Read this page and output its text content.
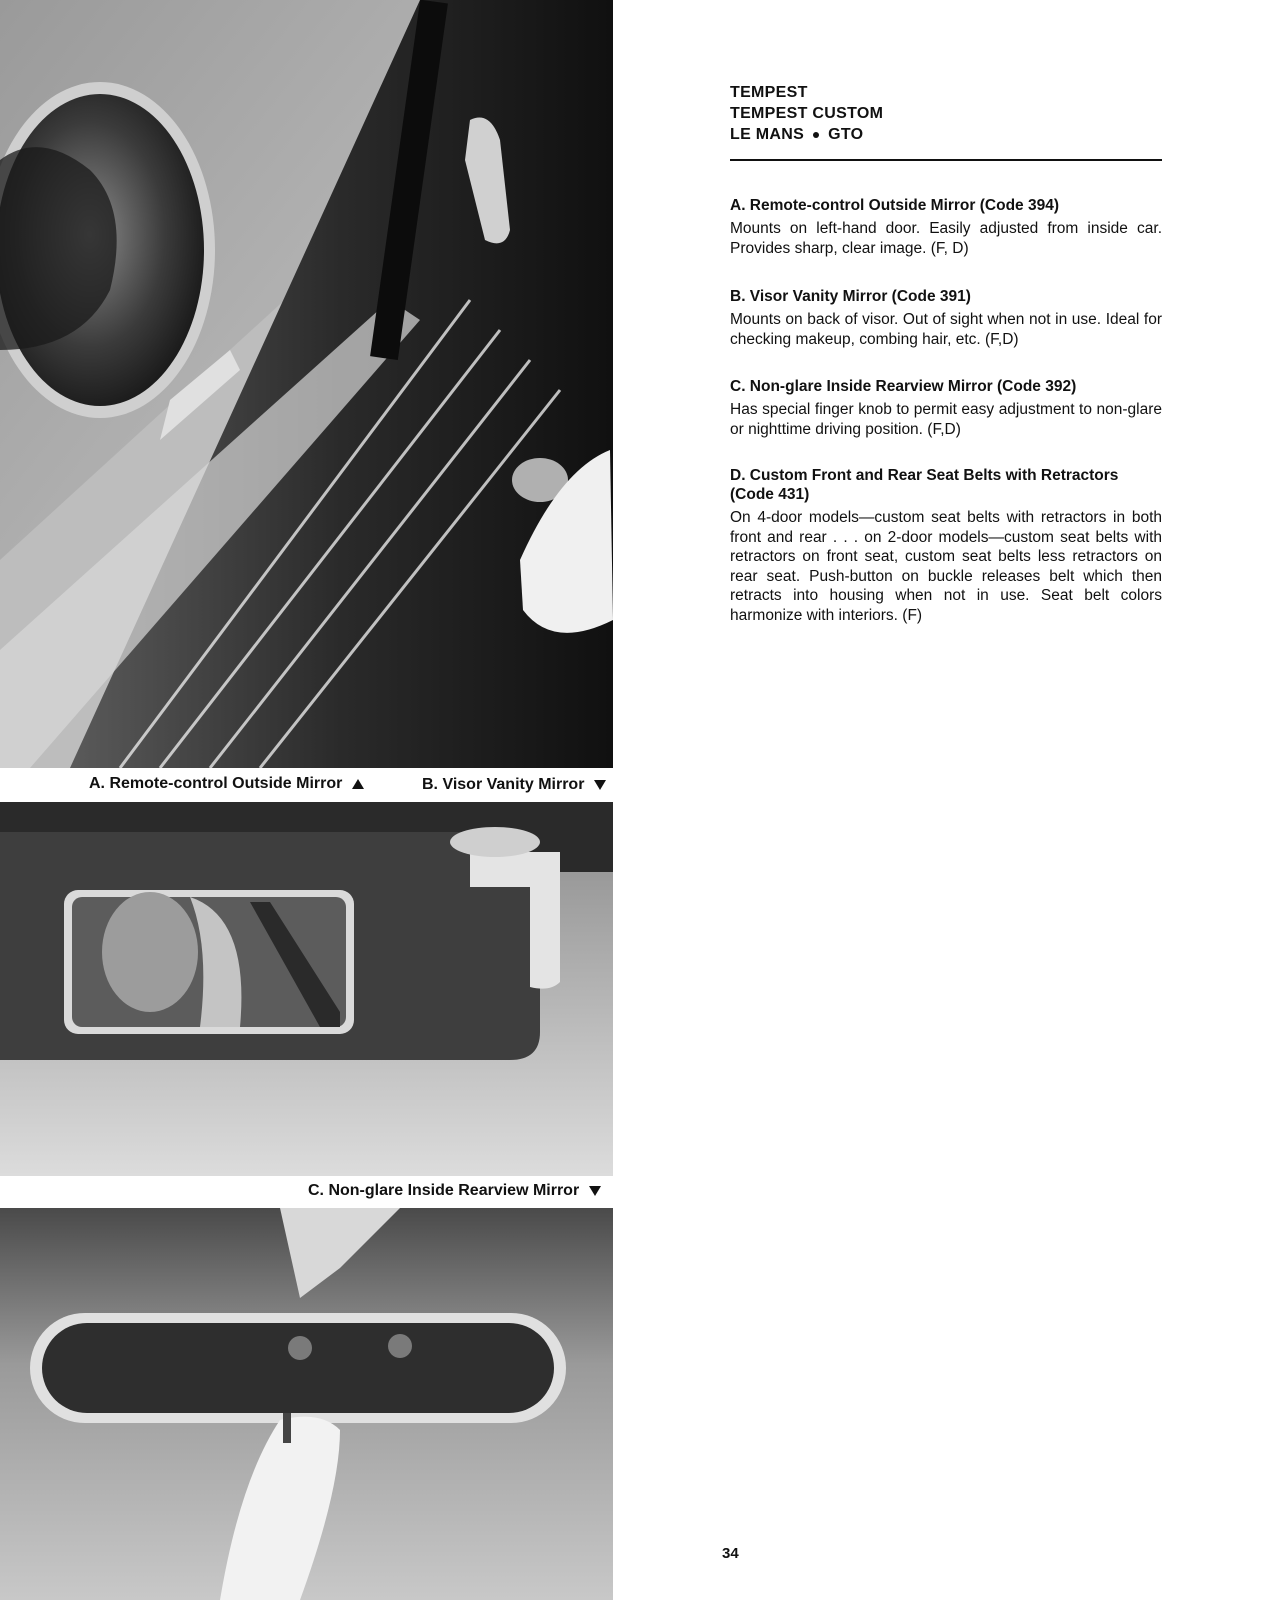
A. Remote-control Outside Mirror	B. Visor Vanity Mirror
C. Non-glare Inside Rearview Mirror
TEMPEST
TEMPEST CUSTOM
LE MANS GTO
A. Remote-control Outside Mirror (Code 394)

Mounts on left-hand door. Easily adjusted from inside car. Provides sharp, clear image. (F, D)

B. Visor Vanity Mirror (Code 391)

Mounts on back of visor. Out of sight when not in use. Ideal for checking makeup, combing hair, etc. (F,D)

C. Non-glare Inside Rearview Mirror (Code 392)

Has special finger knob to permit easy adjustment to non-glare or nighttime driving position. (F,D)

D. Custom Front and Rear Seat Belts with Retractors (Code 431)

On 4-door models—custom seat belts with retractors in both front and rear . . . on 2-door models—custom seat belts with retractors on front seat, custom seat belts less retractors on rear seat. Push-button on buckle releases belt which then retracts into housing when not in use. Seat belt colors harmonize with interiors. (F)

34
